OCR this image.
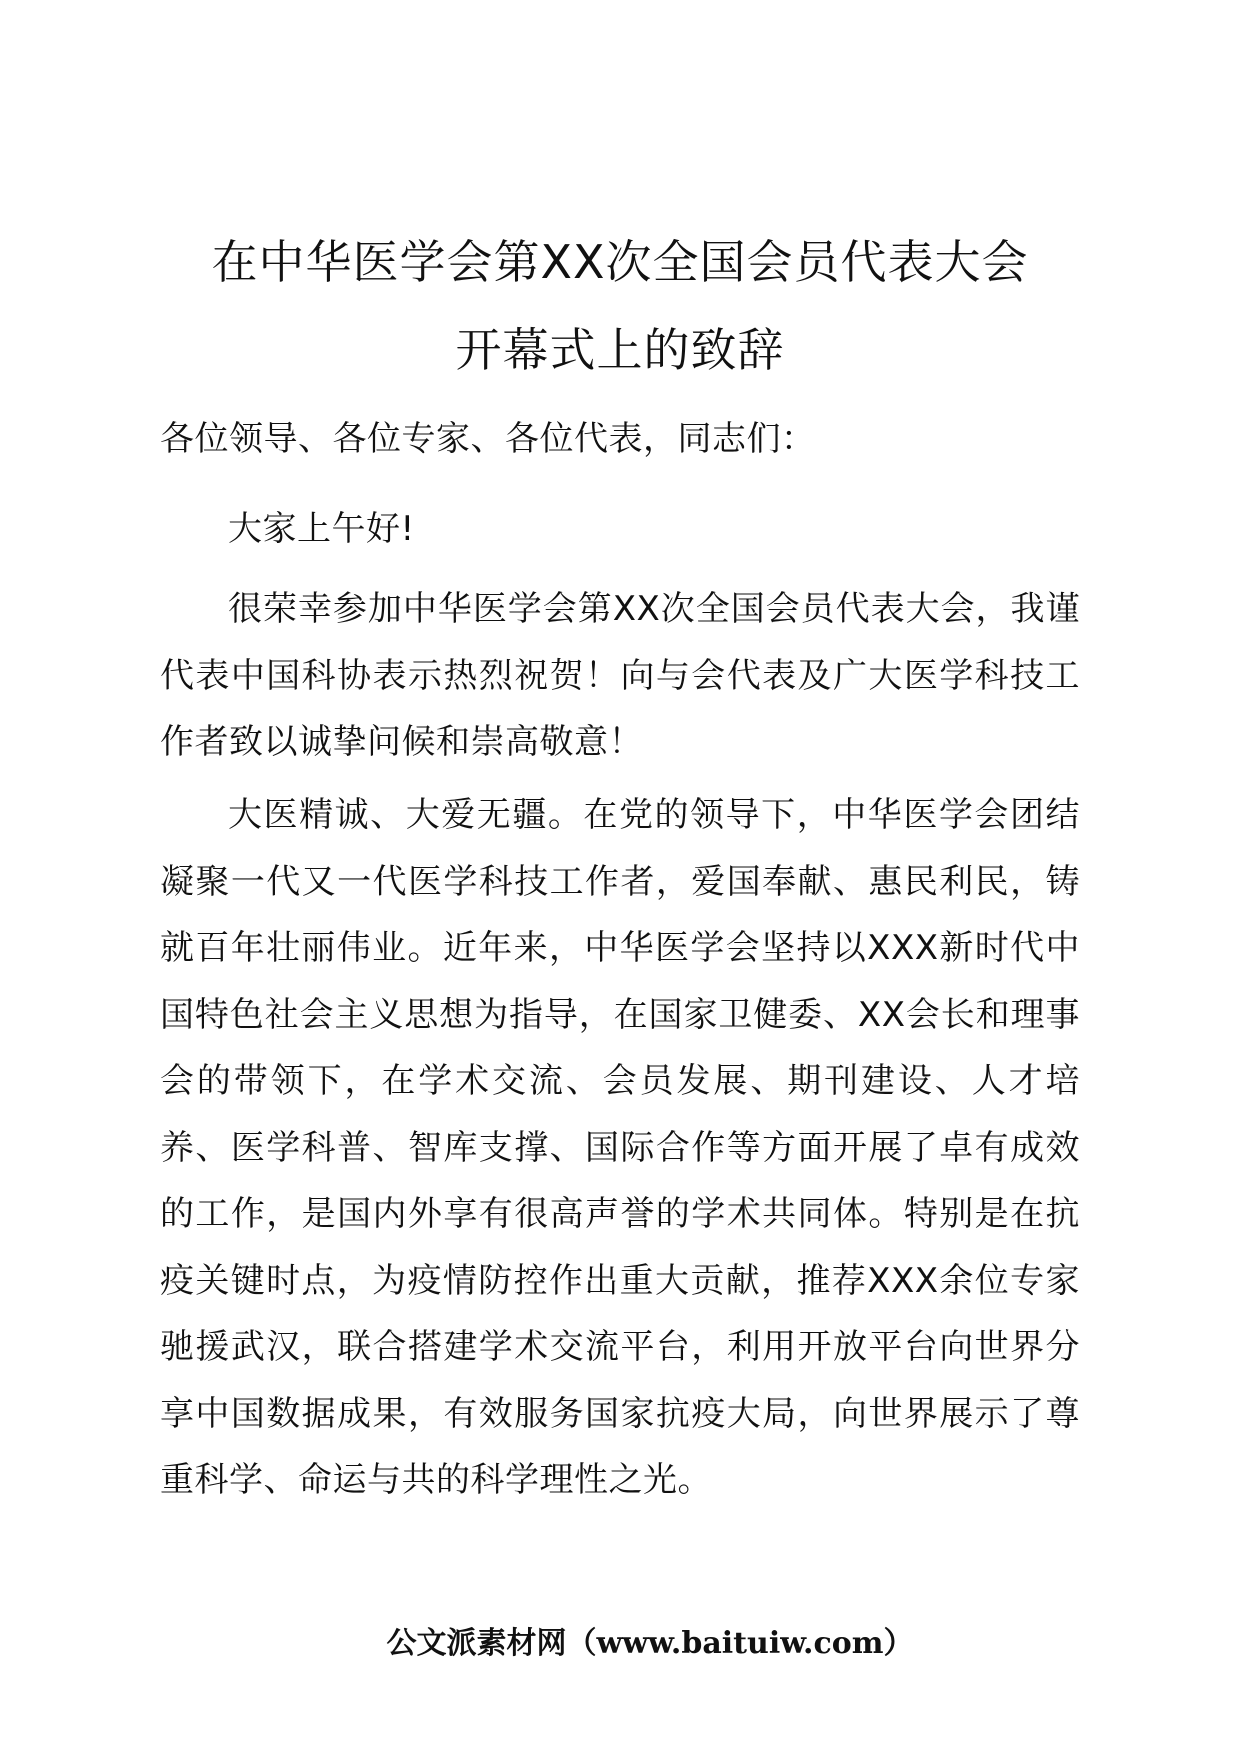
在中华医学会第XX次全国会员代表大会
开幕式上的致辞
各位领导、各位专家、各位代表，同志们：
大家上午好!
很荣幸参加中华医学会第XX次全国会员代表大会，我谨代表中国科协表示热烈祝贺！向与会代表及广大医学科技工作者致以诚挚问候和崇高敬意！
大医精诚、大爱无疆。在党的领导下，中华医学会团结凝聚一代又一代医学科技工作者，爱国奉献、惠民利民，铸就百年壮丽伟业。近年来，中华医学会坚持以XXX新时代中国特色社会主义思想为指导，在国家卫健委、XX会长和理事会的带领下，在学术交流、会员发展、期刊建设、人才培养、医学科普、智库支撑、国际合作等方面开展了卓有成效的工作，是国内外享有很高声誉的学术共同体。特别是在抗疫关键时点，为疫情防控作出重大贡献，推荐XXX余位专家驰援武汉，联合搭建学术交流平台，利用开放平台向世界分享中国数据成果，有效服务国家抗疫大局，向世界展示了尊重科学、命运与共的科学理性之光。
公文派素材网（www.baituiw.com）
